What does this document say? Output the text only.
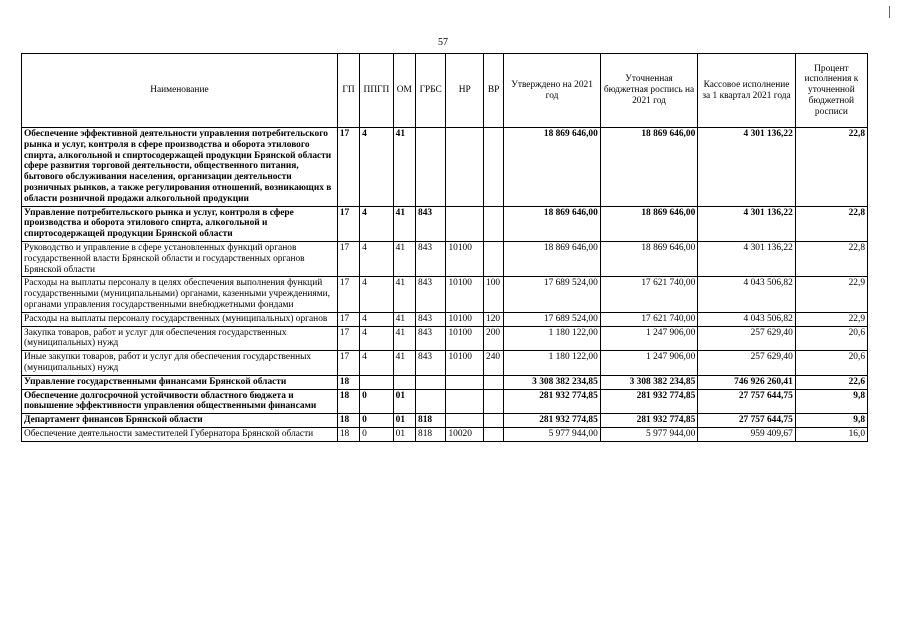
57
Наименование	ГП	ППГП	ОМ	ГРБС	НР	ВР	Утверждено на 2021 год	Уточненная бюджетная роспись на 2021 год	Кассовое исполнение за 1 квартал 2021 года	Процент исполнения к уточненной бюджетной росписи
Обеспечение эффективной деятельности управления потребительского рынка и услуг, контроля в сфере производства и оборота этилового спирта, алкогольной и спиртосодержащей продукции Брянской области сфере развития торговой деятельности, общественного питания, бытового обслуживания населения, организации деятельности розничных рынков, а также регулирования отношений, возникающих в области розничной продажи алкогольной продукции	17	4	41				18 869 646,00	18 869 646,00	4 301 136,22	22,8
Управление потребительского рынка и услуг, контроля в сфере производства и оборота этилового спирта, алкогольной и спиртосодержащей продукции Брянской области	17	4	41	843			18 869 646,00	18 869 646,00	4 301 136,22	22,8
Руководство и управление в сфере установленных функций органов государственной власти Брянской области и государственных органов Брянской области	17	4	41	843	10100		18 869 646,00	18 869 646,00	4 301 136,22	22,8
Расходы на выплаты персоналу в целях обеспечения выполнения функций государственными (муниципальными) органами, казенными учреждениями, органами управления государственными внебюджетными фондами	17	4	41	843	10100	100	17 689 524,00	17 621 740,00	4 043 506,82	22,9
Расходы на выплаты персоналу государственных (муниципальных) органов	17	4	41	843	10100	120	17 689 524,00	17 621 740,00	4 043 506,82	22,9
Закупка товаров, работ и услуг для обеспечения государственных (муниципальных) нужд	17	4	41	843	10100	200	1 180 122,00	1 247 906,00	257 629,40	20,6
Иные закупки товаров, работ и услуг для обеспечения государственных (муниципальных) нужд	17	4	41	843	10100	240	1 180 122,00	1 247 906,00	257 629,40	20,6
Управление государственными финансами Брянской области	18						3 308 382 234,85	3 308 382 234,85	746 926 260,41	22,6
Обеспечение долгосрочной устойчивости областного бюджета и повышение эффективности управления общественными финансами	18	0	01				281 932 774,85	281 932 774,85	27 757 644,75	9,8
Департамент финансов Брянской области	18	0	01	818			281 932 774,85	281 932 774,85	27 757 644,75	9,8
Обеспечение деятельности заместителей Губернатора Брянской области	18	0	01	818	10020		5 977 944,00	5 977 944,00	959 409,67	16,0
